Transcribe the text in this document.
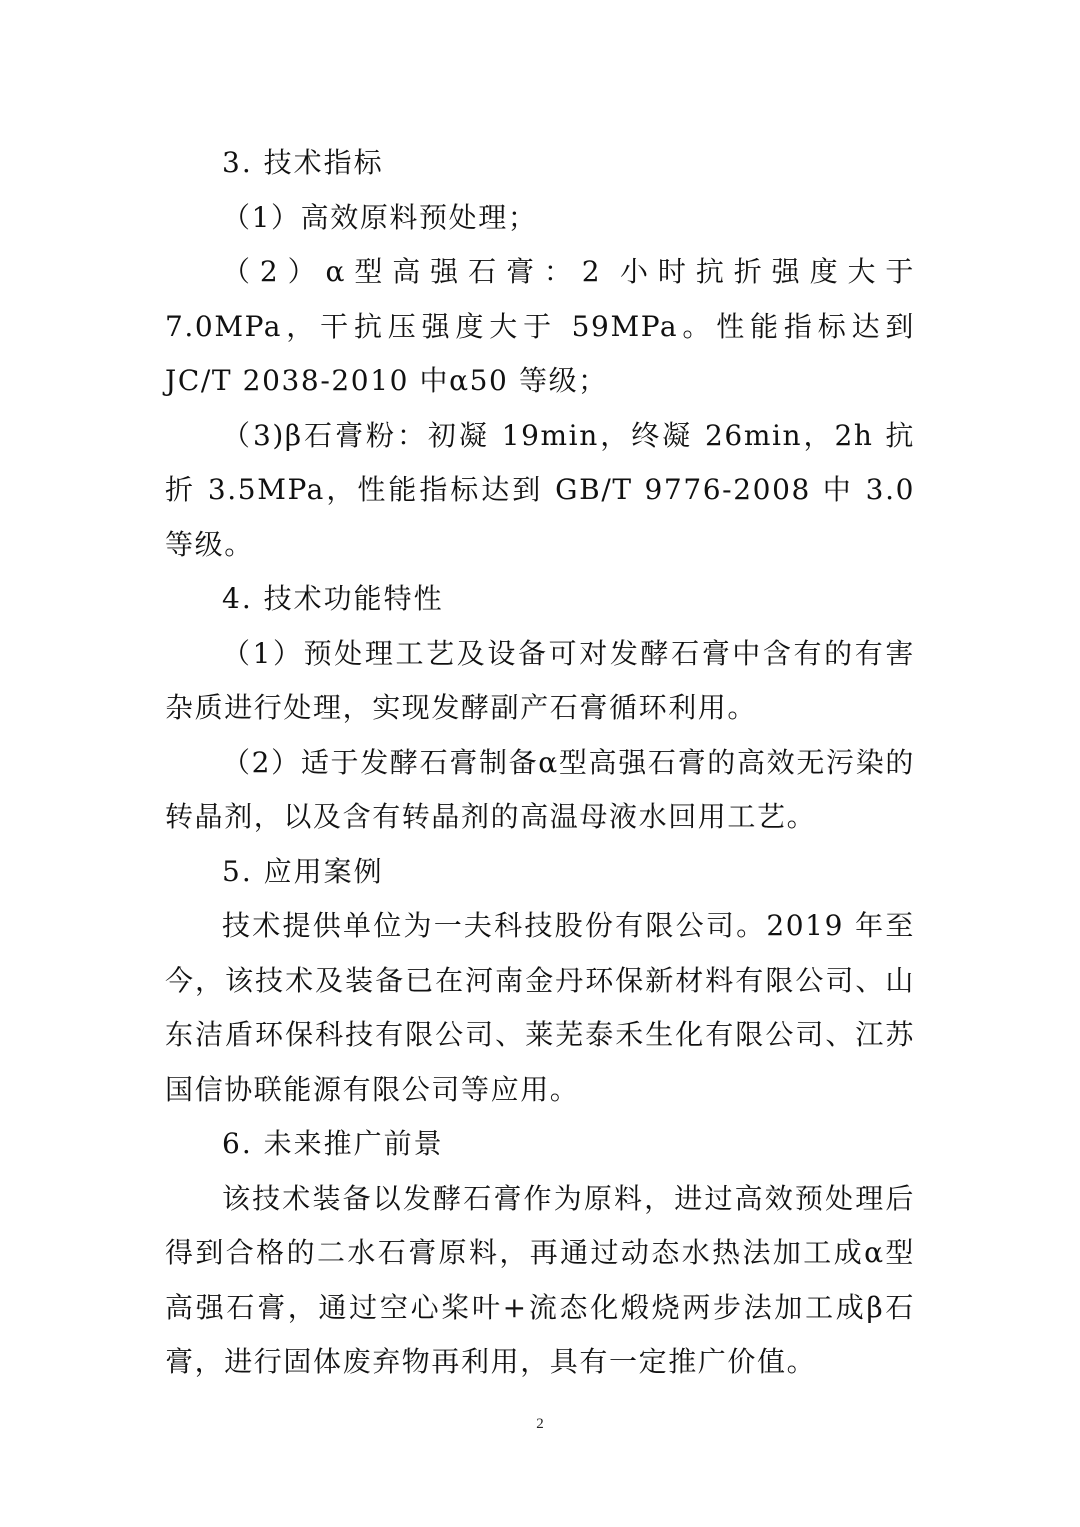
3. 技术指标

（1）高效原料预处理；

（2）α型高强石膏：2 小时抗折强度大于 7.0MPa，干抗压强度大于 59MPa。性能指标达到 JC/T 2038-2010 中α50 等级；

（3)β石膏粉：初凝 19min，终凝 26min，2h 抗折 3.5MPa，性能指标达到 GB/T 9776-2008 中 3.0 等级。

4. 技术功能特性

（1）预处理工艺及设备可对发酵石膏中含有的有害杂质进行处理，实现发酵副产石膏循环利用。

（2）适于发酵石膏制备α型高强石膏的高效无污染的转晶剂，以及含有转晶剂的高温母液水回用工艺。

5. 应用案例

技术提供单位为一夫科技股份有限公司。2019 年至今，该技术及装备已在河南金丹环保新材料有限公司、山东洁盾环保科技有限公司、莱芜泰禾生化有限公司、江苏国信协联能源有限公司等应用。

6. 未来推广前景

该技术装备以发酵石膏作为原料，进过高效预处理后得到合格的二水石膏原料，再通过动态水热法加工成α型高强石膏，通过空心桨叶+流态化煅烧两步法加工成β石膏，进行固体废弃物再利用，具有一定推广价值。

2
